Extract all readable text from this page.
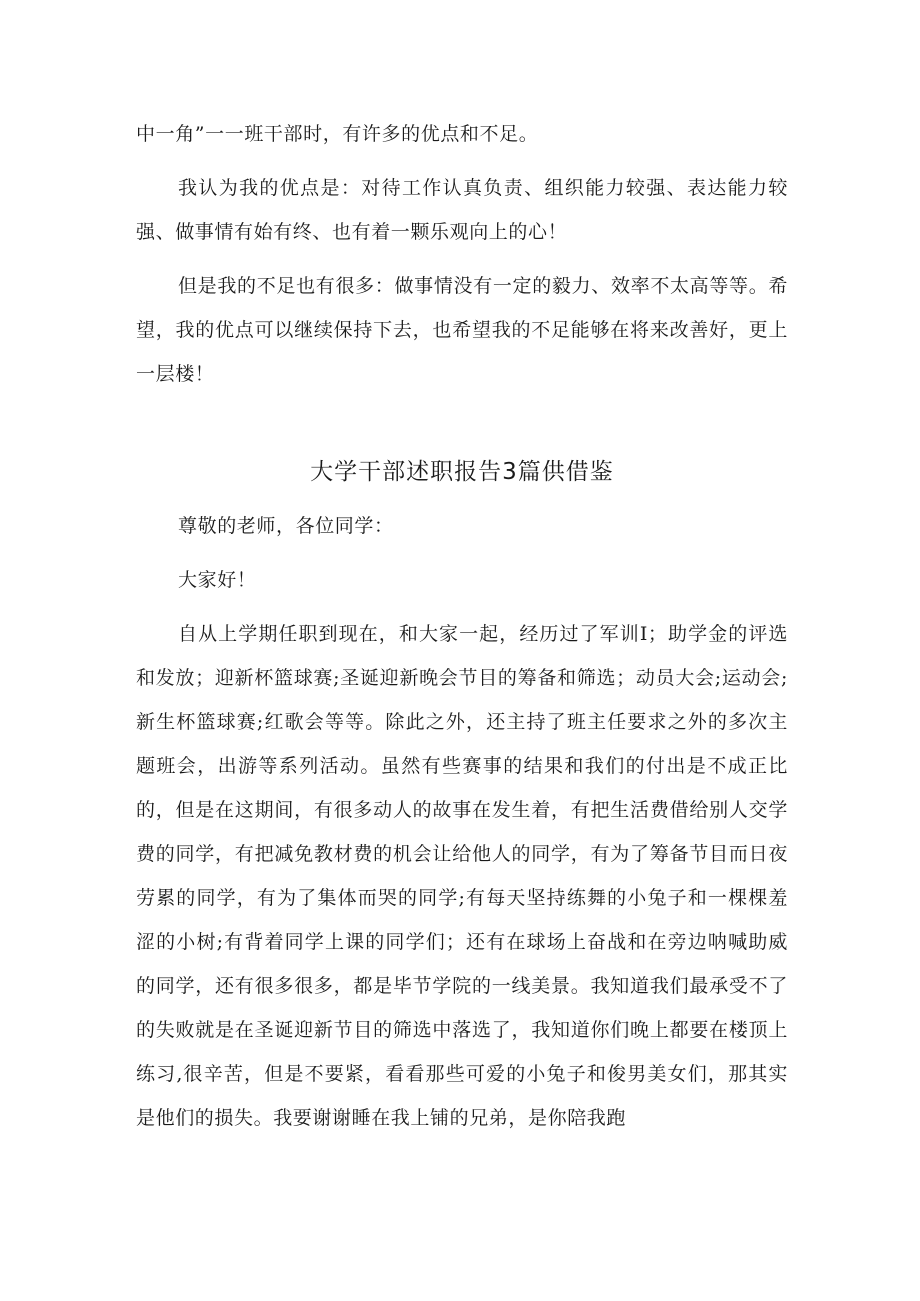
中一角”一一班干部时，有许多的优点和不足。

我认为我的优点是：对待工作认真负责、组织能力较强、表达能力较强、做事情有始有终、也有着一颗乐观向上的心！

但是我的不足也有很多：做事情没有一定的毅力、效率不太高等等。希望，我的优点可以继续保持下去，也希望我的不足能够在将来改善好，更上一层楼！

大学干部述职报告3篇供借鉴

尊敬的老师，各位同学：

大家好！

自从上学期任职到现在，和大家一起，经历过了军训I；助学金的评选和发放；迎新杯篮球赛;圣诞迎新晚会节目的筹备和筛选；动员大会;运动会;新生杯篮球赛;红歌会等等。除此之外，还主持了班主任要求之外的多次主题班会，出游等系列活动。虽然有些赛事的结果和我们的付出是不成正比的，但是在这期间，有很多动人的故事在发生着，有把生活费借给别人交学费的同学，有把减免教材费的机会让给他人的同学，有为了筹备节目而日夜劳累的同学，有为了集体而哭的同学;有每天坚持练舞的小兔子和一棵棵羞涩的小树;有背着同学上课的同学们；还有在球场上奋战和在旁边呐喊助威的同学，还有很多很多，都是毕节学院的一线美景。我知道我们最承受不了的失败就是在圣诞迎新节目的筛选中落选了，我知道你们晚上都要在楼顶上练习,很辛苦，但是不要紧，看看那些可爱的小兔子和俊男美女们，那其实是他们的损失。我要谢谢睡在我上铺的兄弟，是你陪我跑
